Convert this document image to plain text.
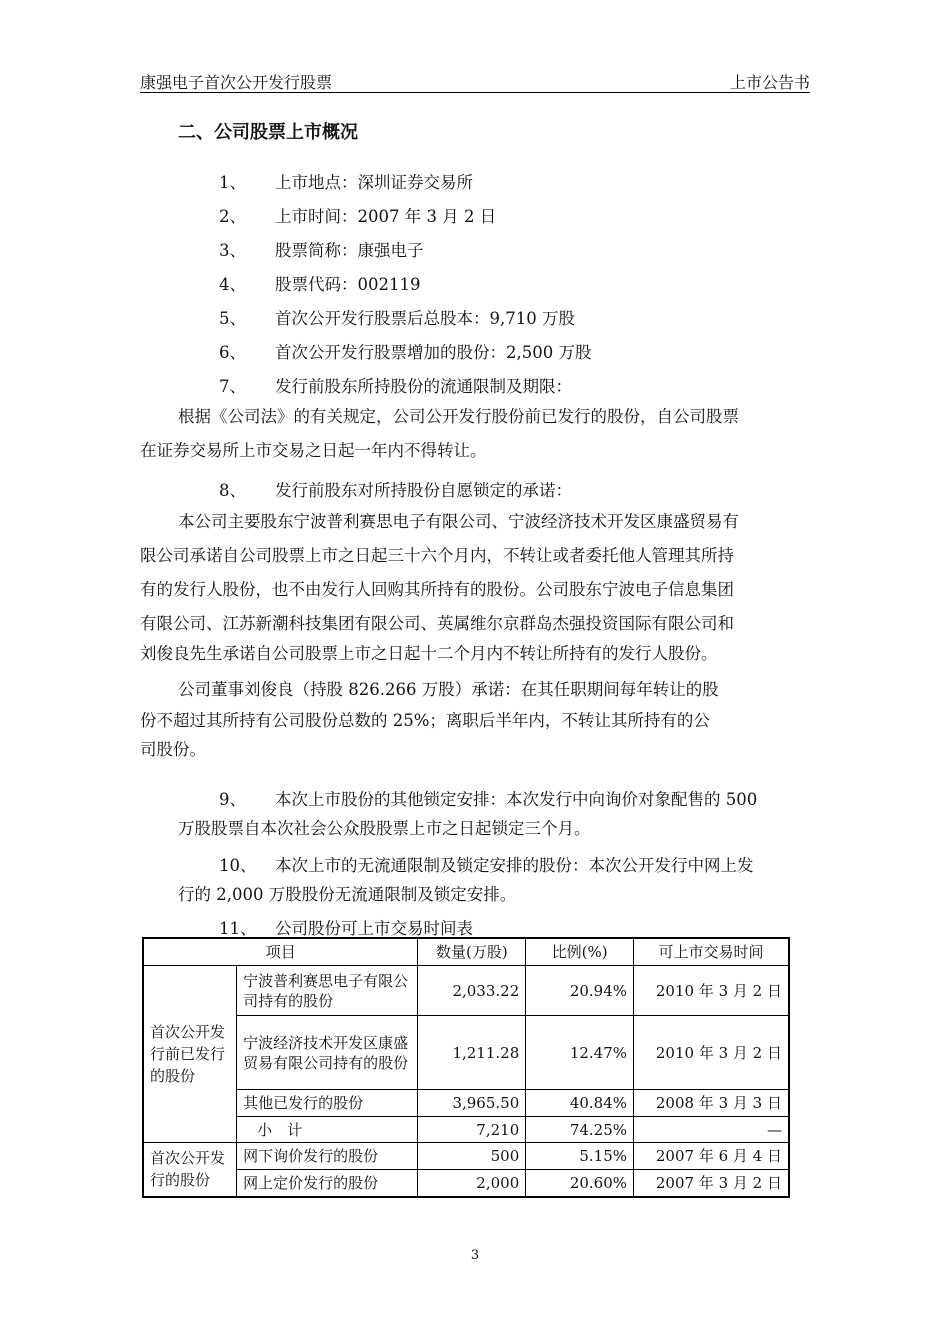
康强电子首次公开发行股票	上市公告书
二、公司股票上市概况
1、 上市地点：深圳证券交易所
2、 上市时间：2007 年 3 月 2 日
3、 股票简称：康强电子
4、 股票代码：002119
5、 首次公开发行股票后总股本：9,710 万股
6、 首次公开发行股票增加的股份：2,500 万股
7、 发行前股东所持股份的流通限制及期限：
根据《公司法》的有关规定，公司公开发行股份前已发行的股份，自公司股票
在证券交易所上市交易之日起一年内不得转让。
8、 发行前股东对所持股份自愿锁定的承诺：
本公司主要股东宁波普利赛思电子有限公司、宁波经济技术开发区康盛贸易有
限公司承诺自公司股票上市之日起三十六个月内，不转让或者委托他人管理其所持
有的发行人股份，也不由发行人回购其所持有的股份。公司股东宁波电子信息集团
有限公司、江苏新潮科技集团有限公司、英属维尔京群岛杰强投资国际有限公司和
刘俊良先生承诺自公司股票上市之日起十二个月内不转让所持有的发行人股份。
公司董事刘俊良（持股 826.266 万股）承诺：在其任职期间每年转让的股
份不超过其所持有公司股份总数的 25%；离职后半年内，不转让其所持有的公
司股份。
9、 本次上市股份的其他锁定安排：本次发行中向询价对象配售的 500
万股股票自本次社会公众股股票上市之日起锁定三个月。
10、 本次上市的无流通限制及锁定安排的股份：本次公开发行中网上发
行的 2,000 万股股份无流通限制及锁定安排。
11、 公司股份可上市交易时间表
项目		数量(万股)	比例(%)	可上市交易时间
首次公开发行前已发行的股份	宁波普利赛思电子有限公司持有的股份	2,033.22	20.94%	2010 年 3 月 2 日
	宁波经济技术开发区康盛贸易有限公司持有的股份	1,211.28	12.47%	2010 年 3 月 2 日
	其他已发行的股份	3,965.50	40.84%	2008 年 3 月 3 日
	小　计	7,210	74.25%	—
首次公开发行的股份	网下询价发行的股份	500	5.15%	2007 年 6 月 4 日
	网上定价发行的股份	2,000	20.60%	2007 年 3 月 2 日
3
